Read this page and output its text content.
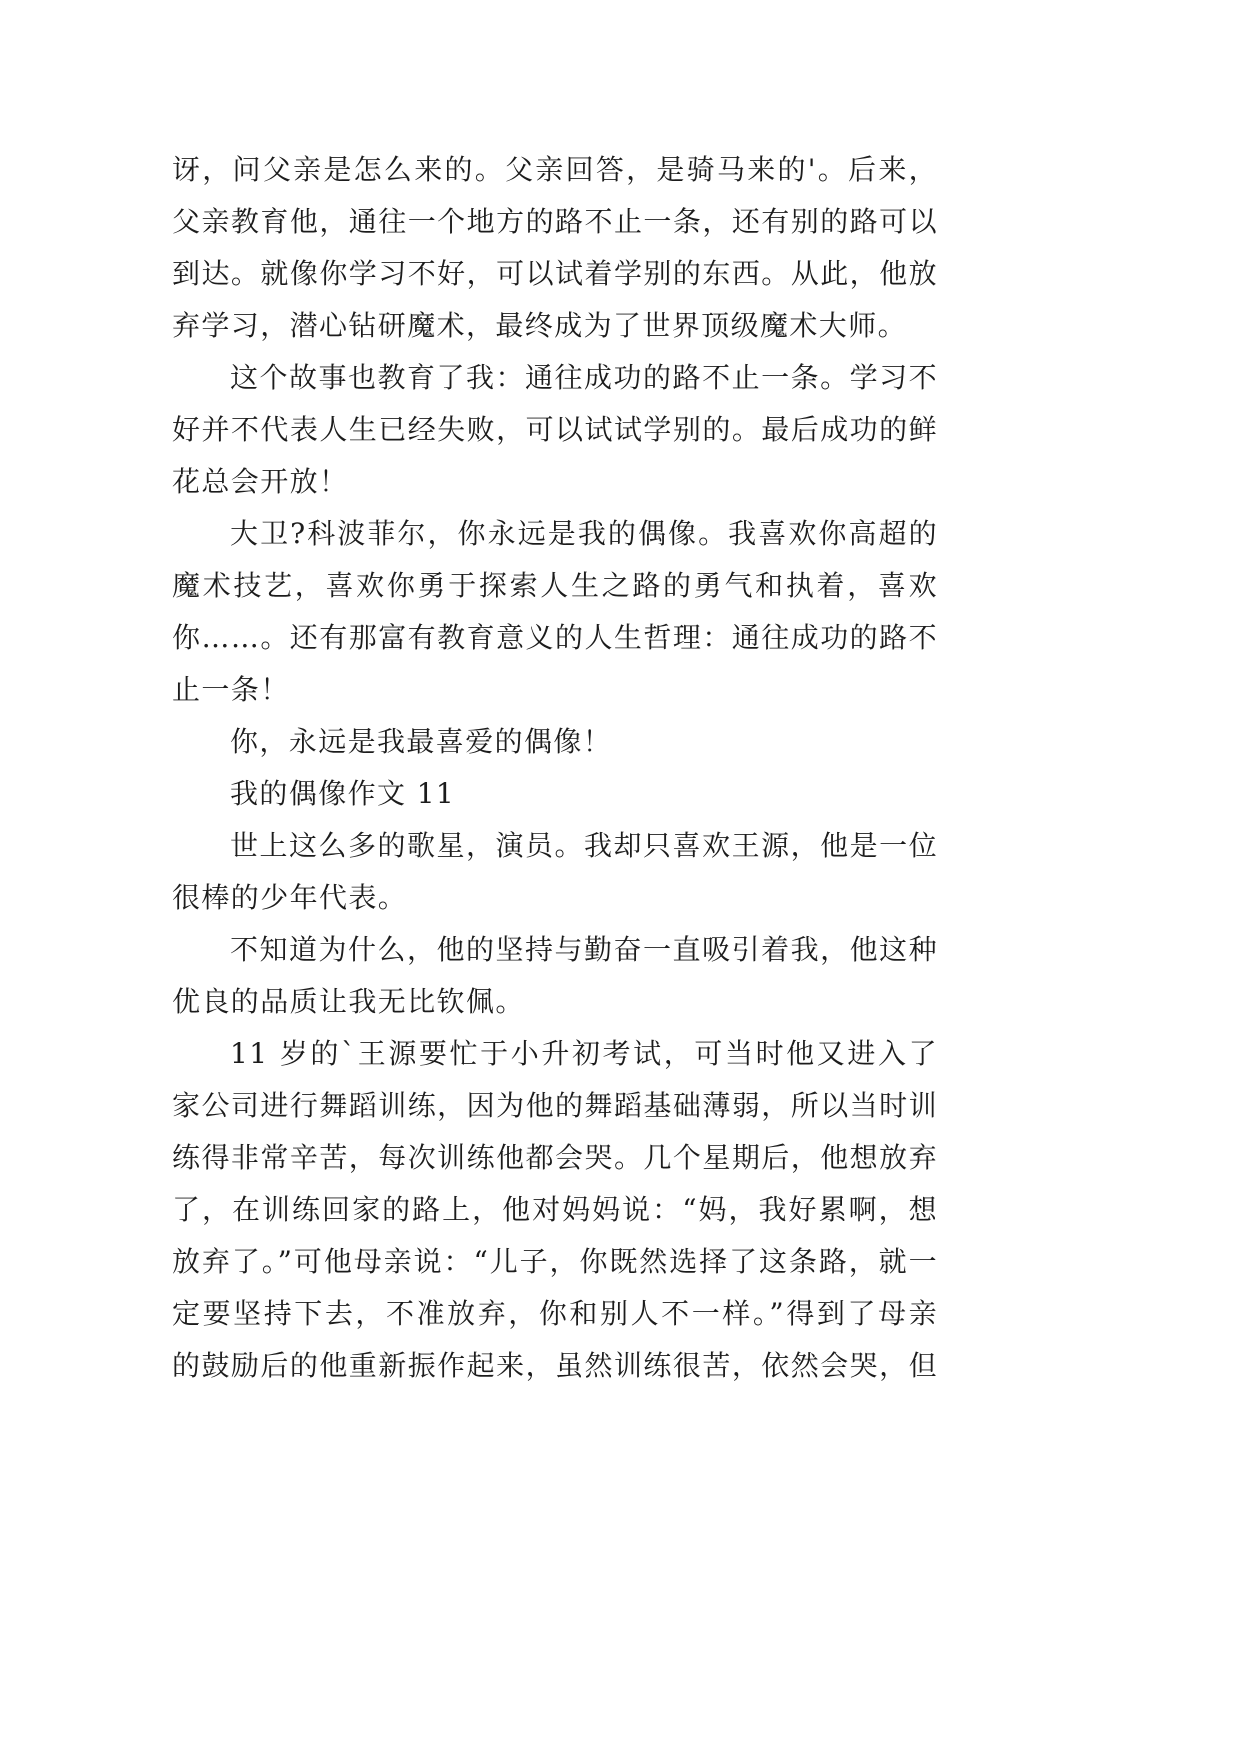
讶，问父亲是怎么来的。父亲回答，是骑马来的'。后来，
父亲教育他，通往一个地方的路不止一条，还有别的路可以
到达。就像你学习不好，可以试着学别的东西。从此，他放
弃学习，潜心钻研魔术，最终成为了世界顶级魔术大师。
这个故事也教育了我：通往成功的路不止一条。学习不
好并不代表人生已经失败，可以试试学别的。最后成功的鲜
花总会开放！
大卫?科波菲尔，你永远是我的偶像。我喜欢你高超的
魔术技艺，喜欢你勇于探索人生之路的勇气和执着，喜欢
你……。还有那富有教育意义的人生哲理：通往成功的路不
止一条！
你，永远是我最喜爱的偶像！
我的偶像作文 11
世上这么多的歌星，演员。我却只喜欢王源，他是一位
很棒的少年代表。
不知道为什么，他的坚持与勤奋一直吸引着我，他这种
优良的品质让我无比钦佩。
11 岁的`王源要忙于小升初考试，可当时他又进入了
家公司进行舞蹈训练，因为他的舞蹈基础薄弱，所以当时训
练得非常辛苦，每次训练他都会哭。几个星期后，他想放弃
了，在训练回家的路上，他对妈妈说：“妈，我好累啊，想
放弃了。”可他母亲说：“儿子，你既然选择了这条路，就一
定要坚持下去，不准放弃，你和别人不一样。”得到了母亲
的鼓励后的他重新振作起来，虽然训练很苦，依然会哭，但
